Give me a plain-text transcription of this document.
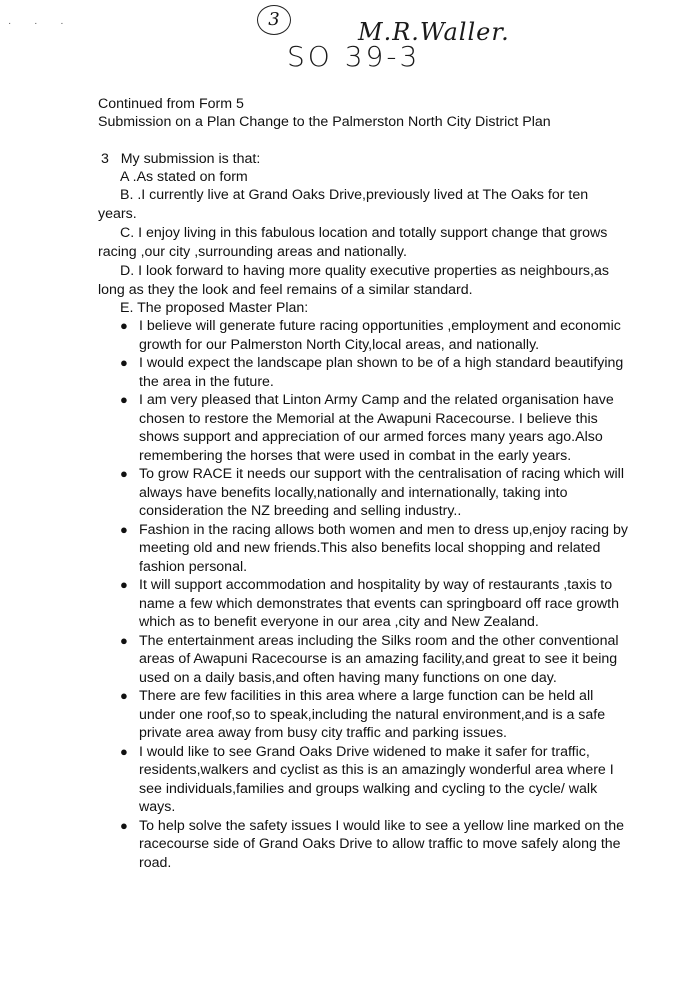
· · ·	3	M.R.Waller.
SO 39-3
Continued from Form 5
Submission on a Plan Change to the Palmerston North City District Plan
3   My submission is that:
A .As stated on form
B. .I currently live at Grand Oaks Drive,previously lived at The Oaks for ten
years.
C. I enjoy living in this fabulous location and totally support change that grows
racing ,our city ,surrounding areas and nationally.
D. I look forward to having more quality executive properties as neighbours,as
long as they the look and feel remains of a similar standard.
E. The proposed Master Plan:
● I believe will generate future racing opportunities ,employment and economic
growth for our Palmerston North City,local areas, and nationally.
● I would expect the landscape plan shown to be of a high standard beautifying
the area in the future.
● I am very pleased that Linton Army Camp and the related organisation have
chosen to restore the Memorial at the Awapuni Racecourse. I believe this
shows support and appreciation of our armed forces many years ago.Also
remembering the horses that were used in combat in the early years.
● To grow RACE it needs our support with the centralisation of racing which will
always have benefits locally,nationally and internationally, taking into
consideration the NZ breeding and selling industry..
● Fashion in the racing allows both women and men to dress up,enjoy racing by
meeting old and new friends.This also benefits local shopping and related
fashion personal.
● It will support accommodation and hospitality by way of restaurants ,taxis to
name a few which demonstrates that events can springboard off race growth
which as to benefit everyone in our area ,city and New Zealand.
● The entertainment areas including the Silks room and the other conventional
areas of Awapuni Racecourse is an amazing facility,and great to see it being
used on a daily basis,and often having many functions on one day.
● There are few facilities in this area where a large function can be held all
under one roof,so to speak,including the natural environment,and is a safe
private area away from busy city traffic and parking issues.
● I would like to see Grand Oaks Drive widened to make it safer for traffic,
residents,walkers and cyclist as this is an amazingly wonderful area where I
see individuals,families and groups walking and cycling to the cycle/ walk
ways.
● To help solve the safety issues I would like to see a yellow line marked on the
racecourse side of Grand Oaks Drive to allow traffic to move safely along the
road.
